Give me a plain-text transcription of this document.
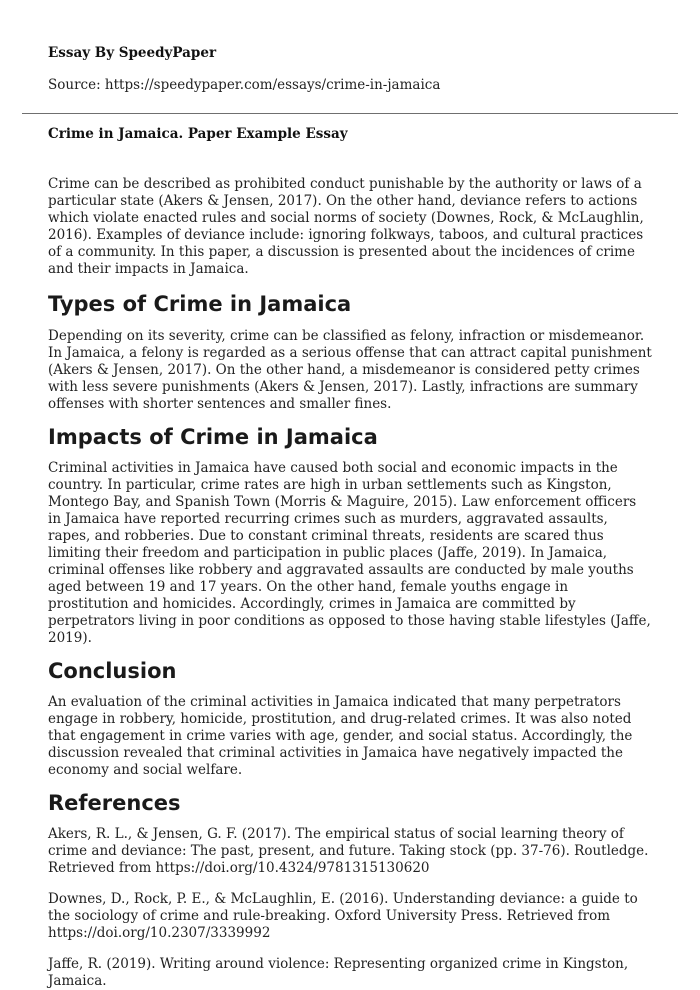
Essay By SpeedyPaper

Source: https://speedypaper.com/essays/crime-in-jamaica

Crime in Jamaica. Paper Example Essay

Crime can be described as prohibited conduct punishable by the authority or laws of a particular state (Akers & Jensen, 2017). On the other hand, deviance refers to actions which violate enacted rules and social norms of society (Downes, Rock, & McLaughlin, 2016). Examples of deviance include: ignoring folkways, taboos, and cultural practices of a community. In this paper, a discussion is presented about the incidences of crime and their impacts in Jamaica.

Types of Crime in Jamaica

Depending on its severity, crime can be classified as felony, infraction or misdemeanor. In Jamaica, a felony is regarded as a serious offense that can attract capital punishment (Akers & Jensen, 2017). On the other hand, a misdemeanor is considered petty crimes with less severe punishments (Akers & Jensen, 2017). Lastly, infractions are summary offenses with shorter sentences and smaller fines.

Impacts of Crime in Jamaica

Criminal activities in Jamaica have caused both social and economic impacts in the country. In particular, crime rates are high in urban settlements such as Kingston, Montego Bay, and Spanish Town (Morris & Maguire, 2015). Law enforcement officers in Jamaica have reported recurring crimes such as murders, aggravated assaults, rapes, and robberies. Due to constant criminal threats, residents are scared thus limiting their freedom and participation in public places (Jaffe, 2019). In Jamaica, criminal offenses like robbery and aggravated assaults are conducted by male youths aged between 19 and 17 years. On the other hand, female youths engage in prostitution and homicides. Accordingly, crimes in Jamaica are committed by perpetrators living in poor conditions as opposed to those having stable lifestyles (Jaffe, 2019).

Conclusion

An evaluation of the criminal activities in Jamaica indicated that many perpetrators engage in robbery, homicide, prostitution, and drug-related crimes. It was also noted that engagement in crime varies with age, gender, and social status. Accordingly, the discussion revealed that criminal activities in Jamaica have negatively impacted the economy and social welfare.

References

Akers, R. L., & Jensen, G. F. (2017). The empirical status of social learning theory of crime and deviance: The past, present, and future. Taking stock (pp. 37-76). Routledge. Retrieved from https://doi.org/10.4324/9781315130620

Downes, D., Rock, P. E., & McLaughlin, E. (2016). Understanding deviance: a guide to the sociology of crime and rule-breaking. Oxford University Press. Retrieved from https://doi.org/10.2307/3339992

Jaffe, R. (2019). Writing around violence: Representing organized crime in Kingston, Jamaica.
